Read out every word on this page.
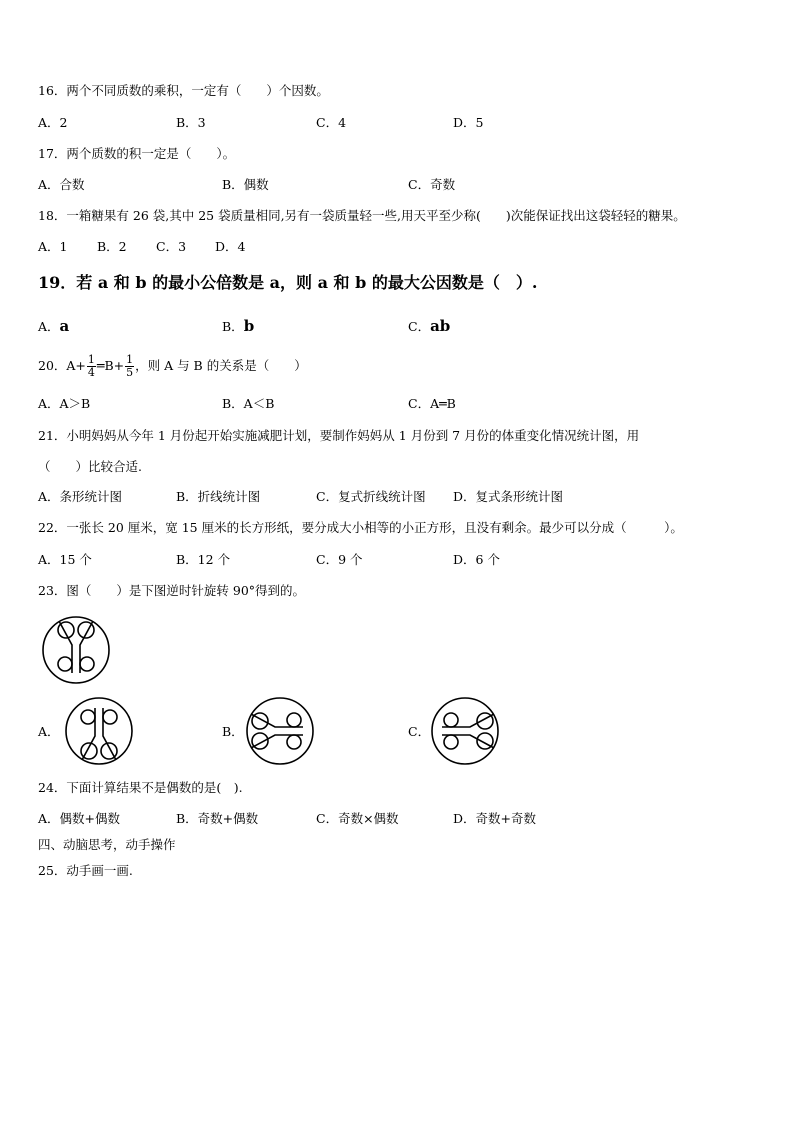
16．两个不同质数的乘积，一定有（　　）个因数。
A．2	B．3	C．4	D．5
17．两个质数的积一定是（　　）。
A．合数	B．偶数	C．奇数
18．一箱糖果有 26 袋,其中 25 袋质量相同,另有一袋质量轻一些,用天平至少称(　　)次能保证找出这袋轻轻的糖果。
A．1 B．2 C．3 D．4
19．若 a 和 b 的最小公倍数是 a，则 a 和 b 的最大公因数是（　）.
A．a	B．b	C．ab
20．$A+ \frac{1}{4}$ ═B+ $\frac{1}{5}$ ，则 A 与 B 的关系是（　　）
A．A＞B	B．A＜B	C．A═B
21．小明妈妈从今年 1 月份起开始实施减肥计划，要制作妈妈从 1 月份到 7 月份的体重变化情况统计图，用
（　　）比较合适.
A．条形统计图	B．折线统计图	C．复式折线统计图 D．复式条形统计图
22．一张长 20 厘米，宽 15 厘米的长方形纸，要分成大小相等的小正方形，且没有剩余。最少可以分成（　　　）。
A．15 个	B．12 个	C．9 个	D．6 个
23．图（　　）是下图逆时针旋转 90°得到的。
A．	B．	C．
24．下面计算结果不是偶数的是(　).
A．偶数+偶数	B．奇数+偶数	C．奇数×偶数	D．奇数+奇数
四、动脑思考，动手操作
25．动手画一画.
